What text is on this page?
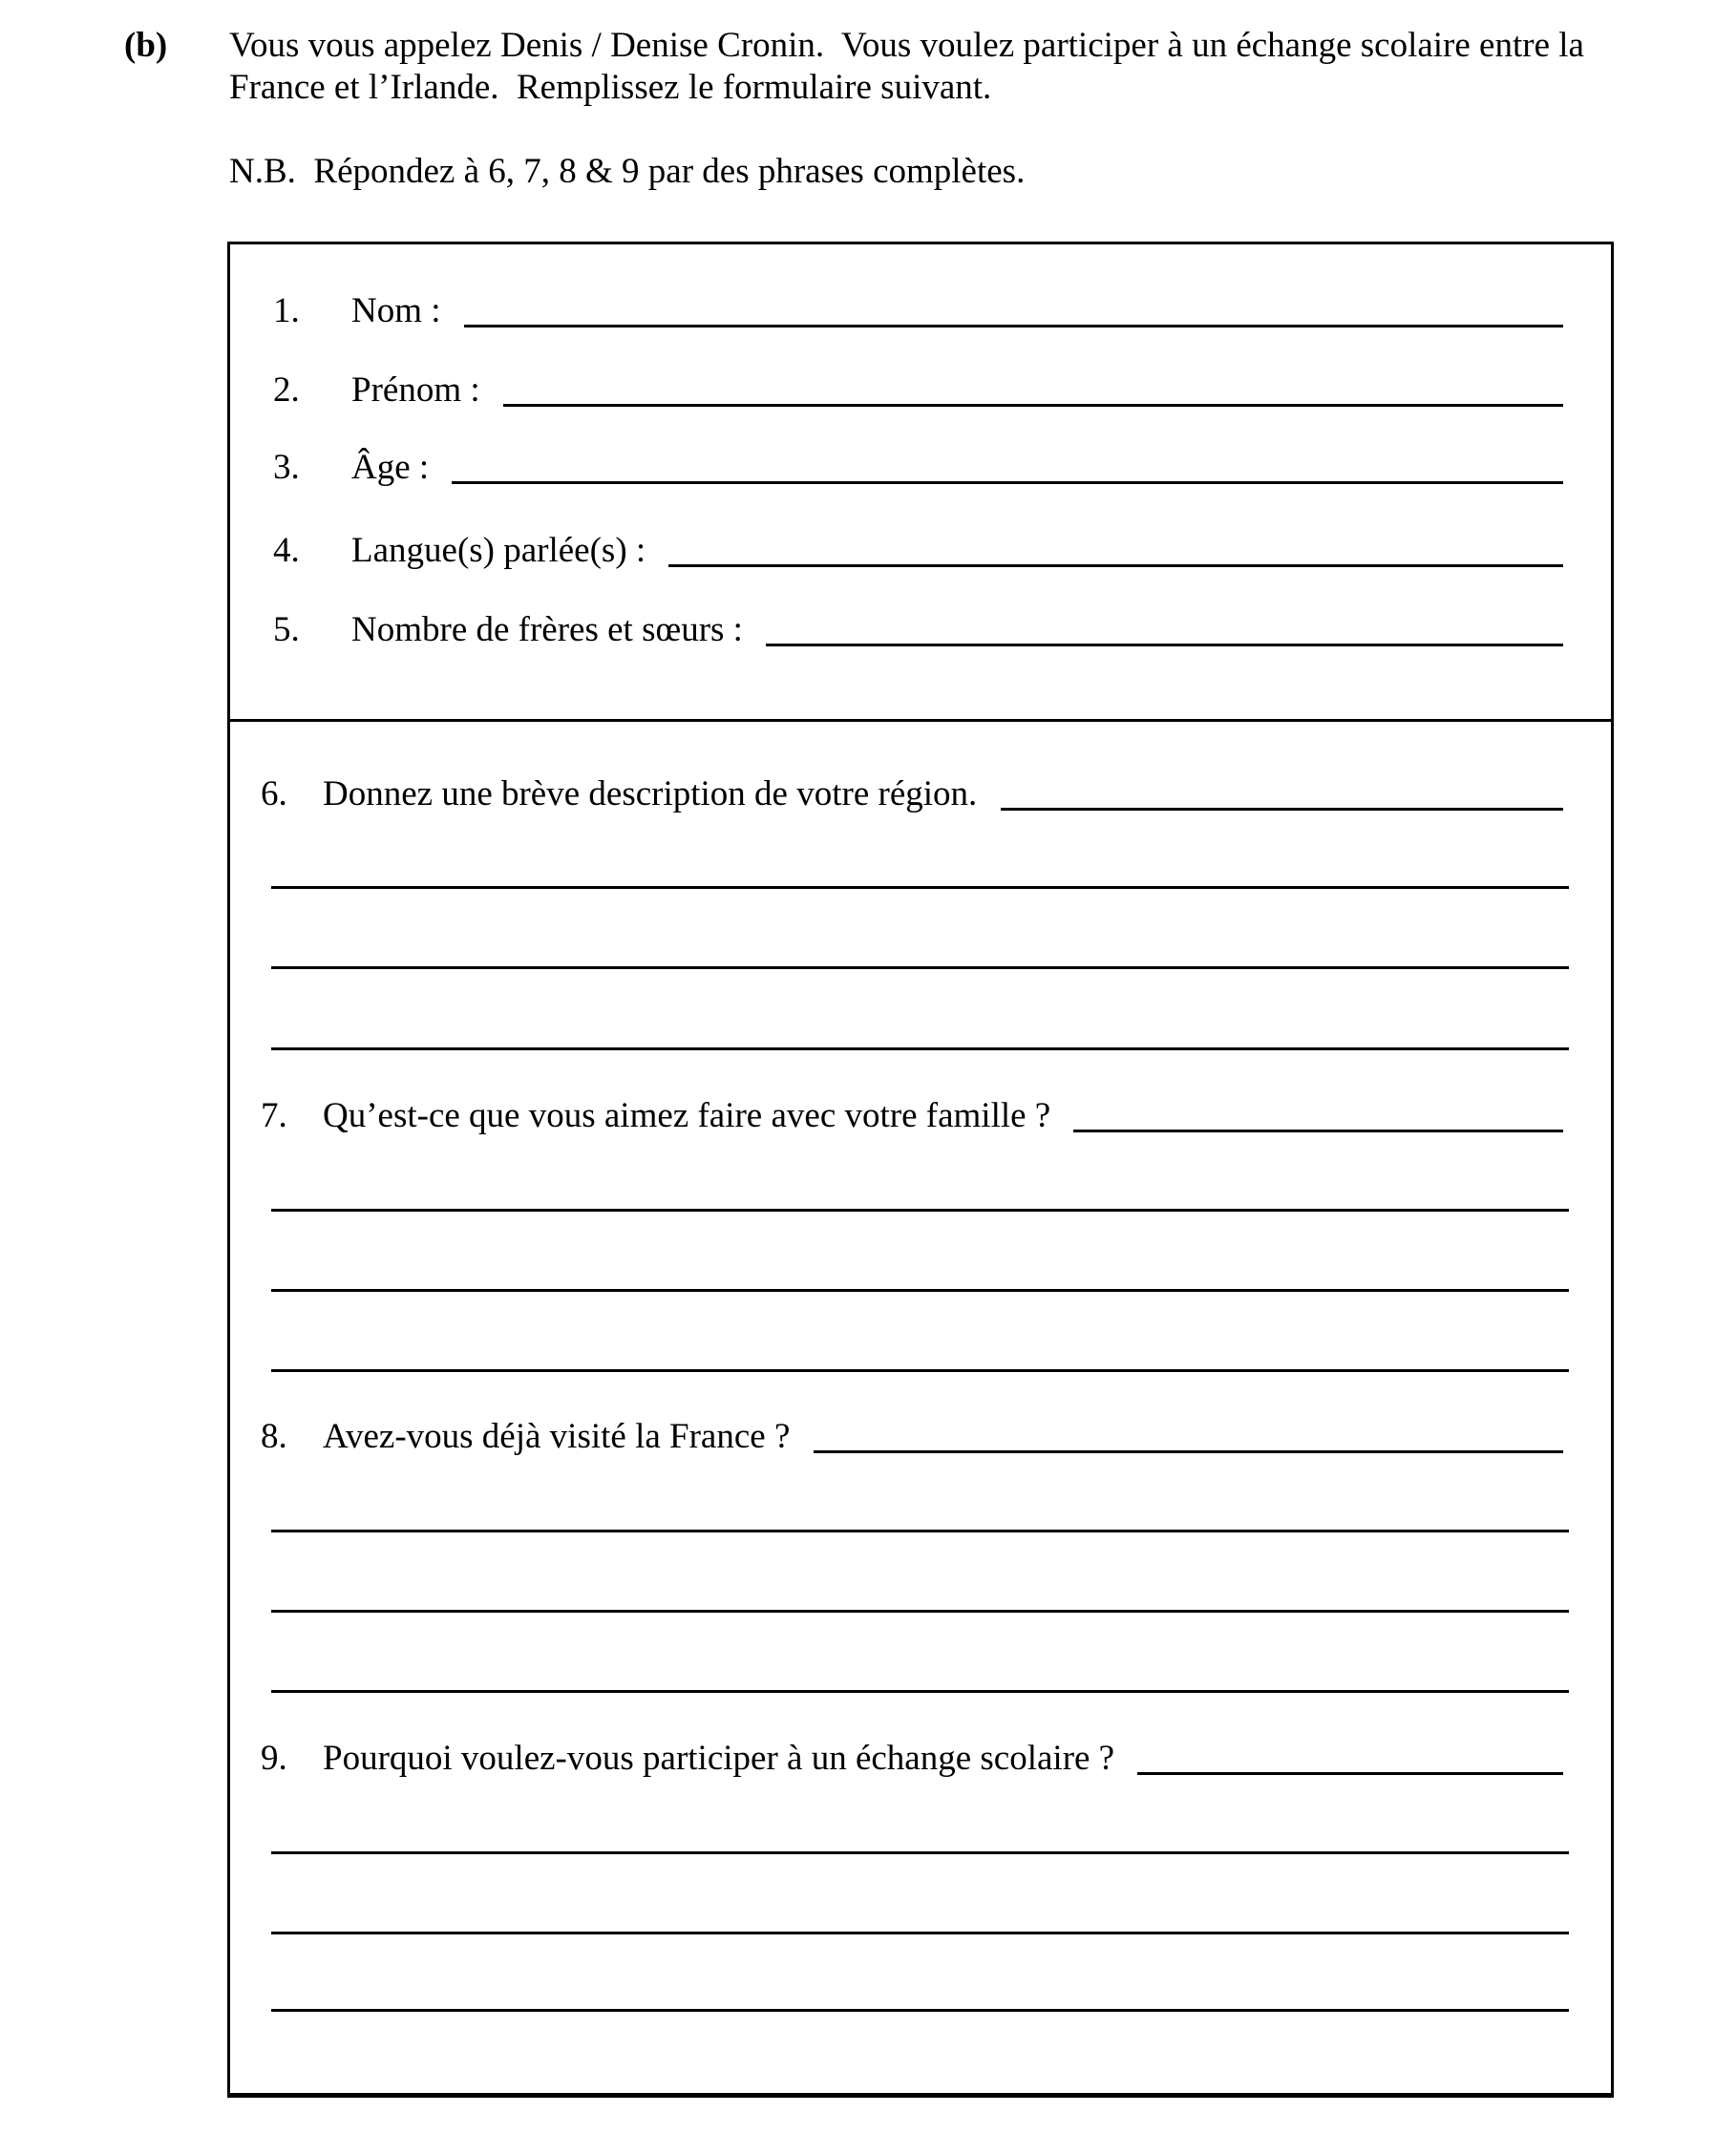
(b) Vous vous appelez Denis / Denise Cronin.  Vous voulez participer à un échange scolaire entre la
France et l’Irlande.  Remplissez le formulaire suivant.
N.B.  Répondez à 6, 7, 8 & 9 par des phrases complètes.
1.	Nom :
2.	Prénom :
3.	Âge :
4.	Langue(s) parlée(s) :
5.	Nombre de frères et sœurs :
6.	Donnez une brève description de votre région.
7.	Qu’est-ce que vous aimez faire avec votre famille ?
8.	Avez-vous déjà visité la France ?
9.	Pourquoi voulez-vous participer à un échange scolaire ?
